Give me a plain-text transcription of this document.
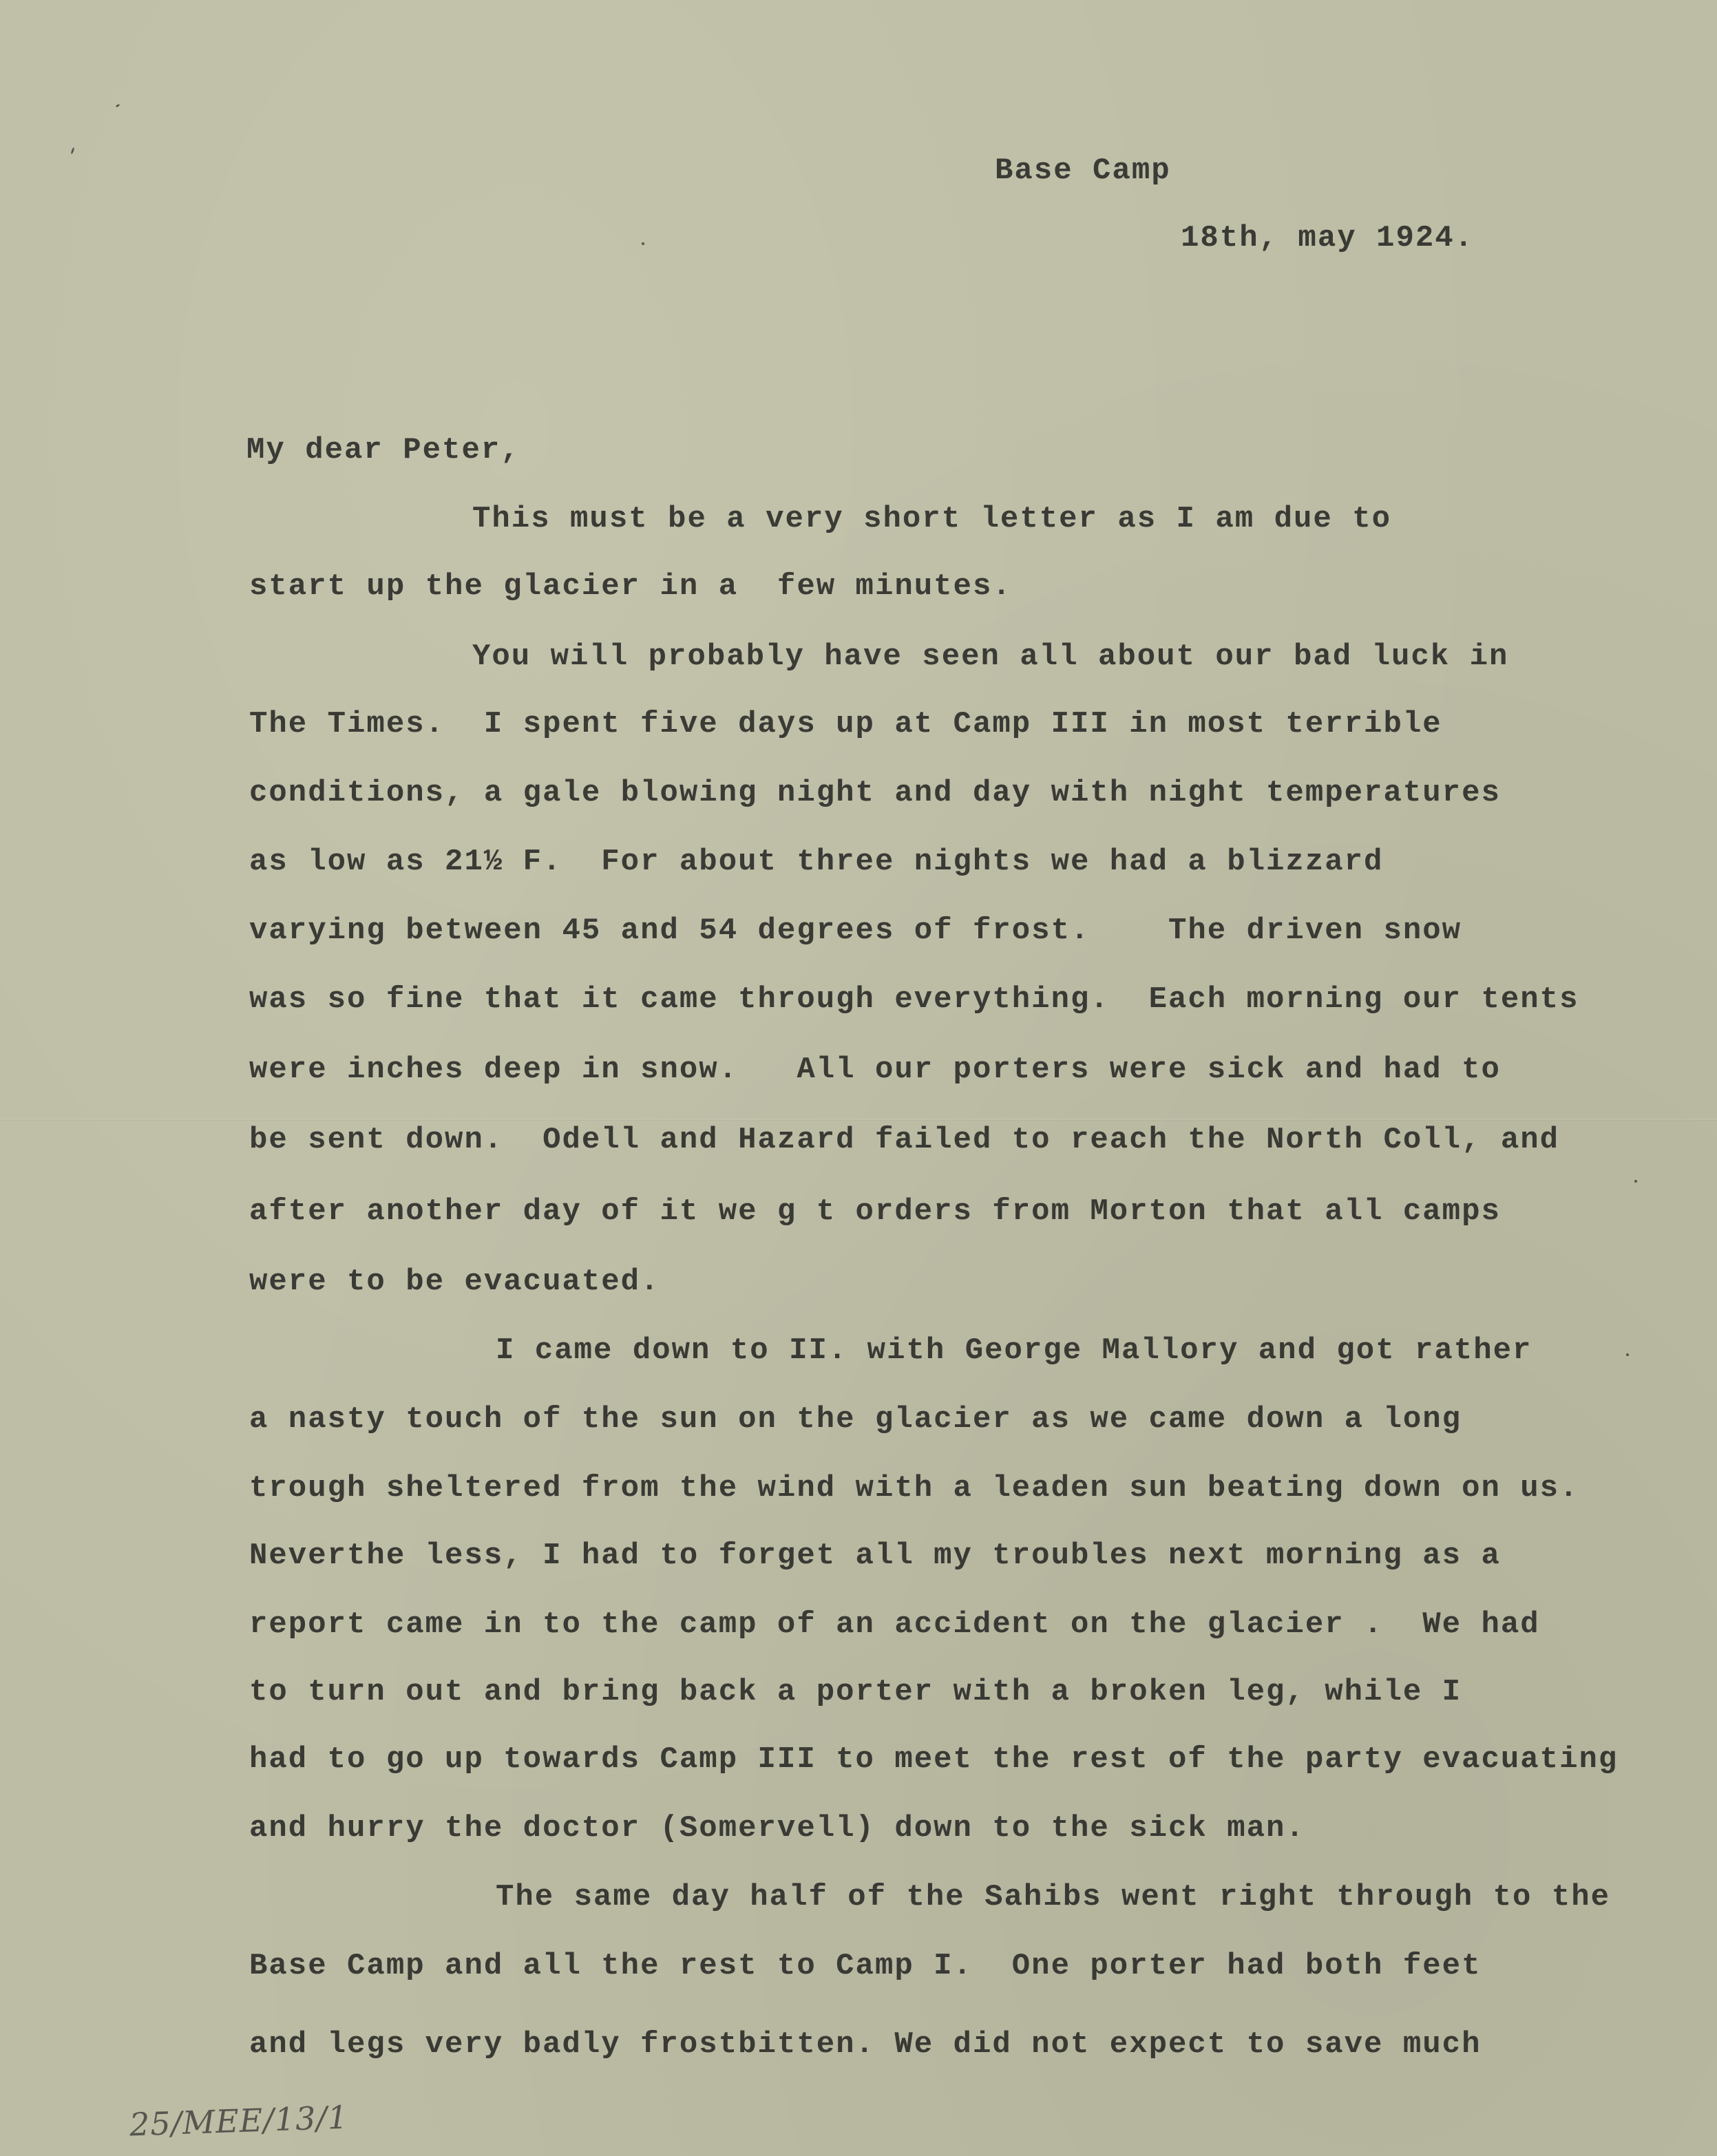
Base Camp
18th, may 1924.
My dear Peter,
This must be a very short letter as I am due to
start up the glacier in a  few minutes.
You will probably have seen all about our bad luck in
The Times.  I spent five days up at Camp III in most terrible
conditions, a gale blowing night and day with night temperatures
as low as 21½ F.  For about three nights we had a blizzard
varying between 45 and 54 degrees of frost.    The driven snow
was so fine that it came through everything.  Each morning our tents
were inches deep in snow.   All our porters were sick and had to
be sent down.  Odell and Hazard failed to reach the North Coll, and
after another day of it we g t orders from Morton that all camps
were to be evacuated.
I came down to II. with George Mallory and got rather
a nasty touch of the sun on the glacier as we came down a long
trough sheltered from the wind with a leaden sun beating down on us.
Neverthe less, I had to forget all my troubles next morning as a
report came in to the camp of an accident on the glacier .  We had
to turn out and bring back a porter with a broken leg, while I
had to go up towards Camp III to meet the rest of the party evacuating
and hurry the doctor (Somervell) down to the sick man.
The same day half of the Sahibs went right through to the
Base Camp and all the rest to Camp I.  One porter had both feet
and legs very badly frostbitten. We did not expect to save much
25/MEE/13/1
